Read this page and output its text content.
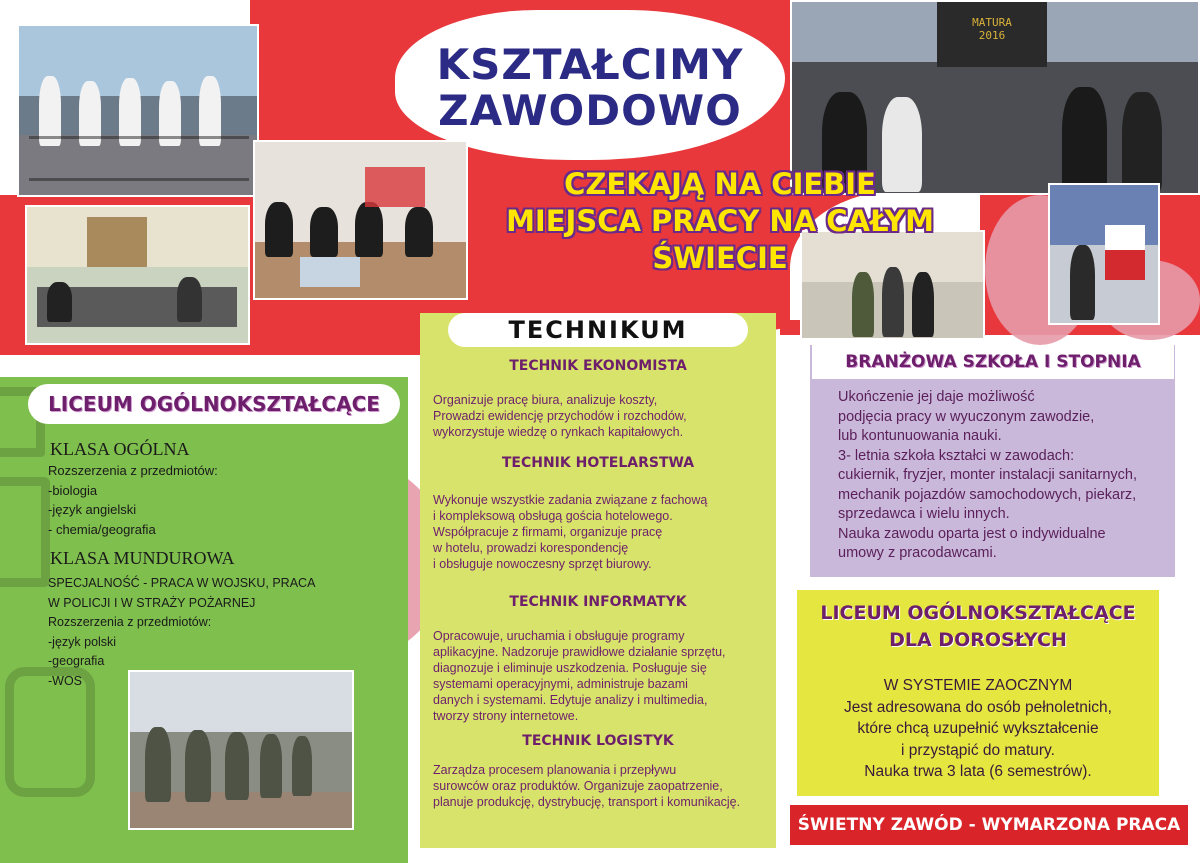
MATURA
2016
KSZTAŁCIMY
ZAWODOWO
CZEKAJĄ NA CIEBIE
MIEJSCA PRACY NA CAŁYM
ŚWIECIE
LICEUM OGÓLNOKSZTAŁCĄCE
KLASA OGÓLNA
Rozszerzenia z przedmiotów:
-biologia
-język angielski
- chemia/geografia
KLASA MUNDUROWA
SPECJALNOŚĆ - PRACA W WOJSKU, PRACA
W POLICJI I W STRAŻY POŻARNEJ
Rozszerzenia z przedmiotów:
-język polski
-geografia
-WOS
TECHNIKUM
TECHNIK EKONOMISTA
Organizuje pracę biura, analizuje koszty,
Prowadzi ewidencję przychodów i rozchodów,
wykorzystuje wiedzę o rynkach kapitałowych.
TECHNIK HOTELARSTWA
Wykonuje wszystkie zadania związane z fachową
i kompleksową obsługą gościa hotelowego.
Współpracuje z firmami, organizuje pracę
w hotelu, prowadzi korespondencję
i obsługuje nowoczesny sprzęt biurowy.
TECHNIK INFORMATYK
Opracowuje, uruchamia i obsługuje programy
aplikacyjne. Nadzoruje prawidłowe działanie sprzętu,
diagnozuje i eliminuje uszkodzenia. Posługuje się
systemami operacyjnymi, administruje bazami
danych i systemami. Edytuje analizy i multimedia,
tworzy strony internetowe.
TECHNIK LOGISTYK
Zarządza procesem planowania i przepływu
surowców oraz produktów. Organizuje zaopatrzenie,
planuje produkcję, dystrybucję, transport i komunikację.
BRANŻOWA SZKOŁA I STOPNIA
Ukończenie jej daje możliwość
podjęcia pracy w wyuczonym zawodzie,
lub kontunuowania nauki.
3- letnia szkoła kształci w zawodach:
cukiernik, fryzjer, monter instalacji sanitarnych,
mechanik pojazdów samochodowych, piekarz,
sprzedawca i wielu innych.
Nauka zawodu oparta jest o indywidualne
umowy z pracodawcami.
LICEUM OGÓLNOKSZTAŁCĄCE
DLA DOROSŁYCH
W SYSTEMIE ZAOCZNYM
Jest adresowana do osób pełnoletnich,
które chcą uzupełnić wykształcenie
i przystąpić do matury.
Nauka trwa 3 lata (6 semestrów).
ŚWIETNY ZAWÓD - WYMARZONA PRACA
